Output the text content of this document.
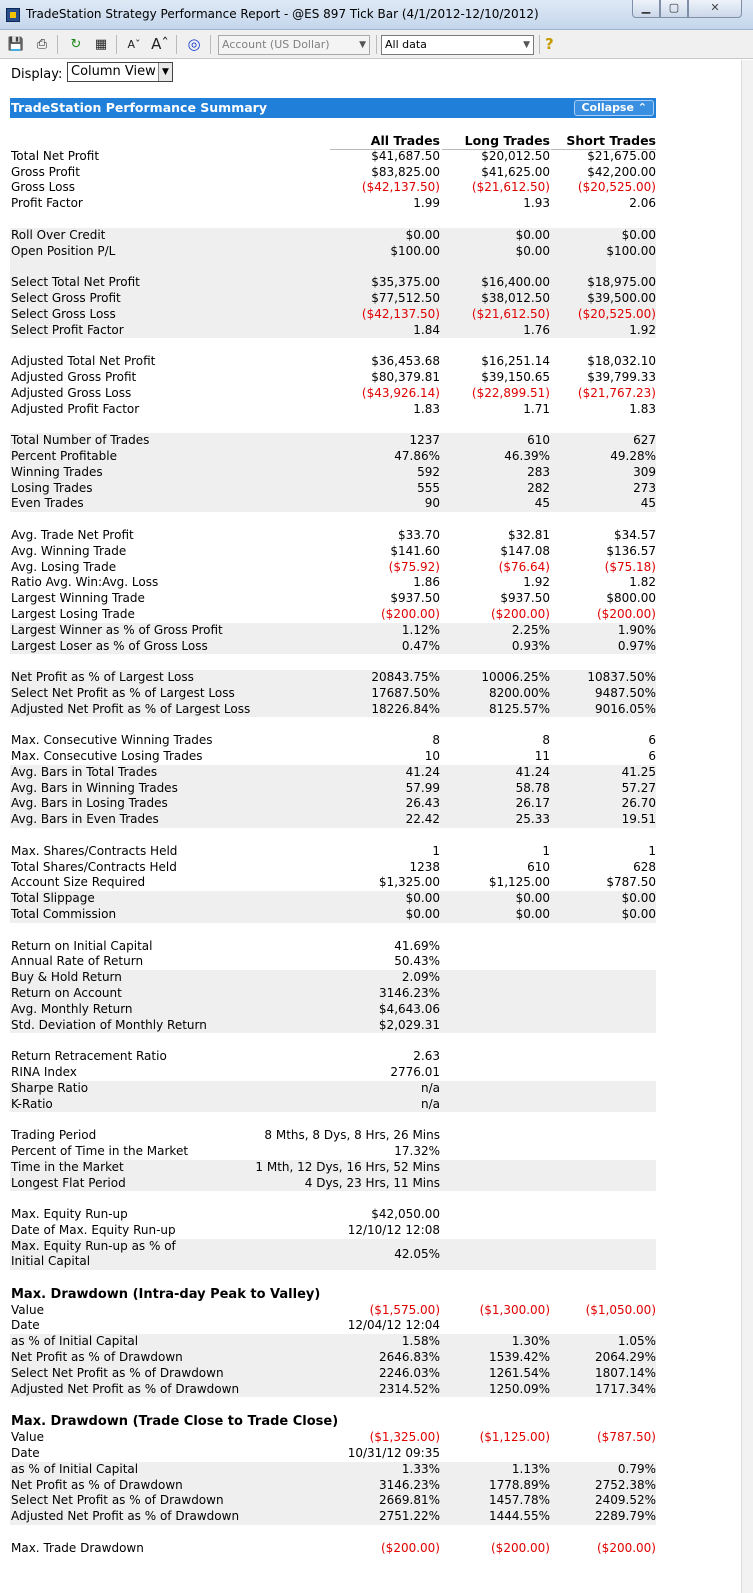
TradeStation Strategy Performance Report - @ES 897 Tick Bar (4/1/2012-12/10/2012)	▁	▢	✕
💾 ⎙	↻	▦	Aˇ Aˆ ◎	Account (US Dollar)	▼	All data	▼ ?
Display: Column View ▼
TradeStation Performance Summary	Collapse ⌃
All Trades	Long Trades	Short Trades
Total Net Profit	$41,687.50	$20,012.50	$21,675.00
Gross Profit	$83,825.00	$41,625.00	$42,200.00
Gross Loss	($42,137.50)	($21,612.50)	($20,525.00)
Profit Factor	1.99	1.93	2.06
Roll Over Credit	$0.00	$0.00	$0.00
Open Position P/L	$100.00	$0.00	$100.00
Select Total Net Profit	$35,375.00	$16,400.00	$18,975.00
Select Gross Profit	$77,512.50	$38,012.50	$39,500.00
Select Gross Loss	($42,137.50)	($21,612.50)	($20,525.00)
Select Profit Factor	1.84	1.76	1.92
Adjusted Total Net Profit	$36,453.68	$16,251.14	$18,032.10
Adjusted Gross Profit	$80,379.81	$39,150.65	$39,799.33
Adjusted Gross Loss	($43,926.14)	($22,899.51)	($21,767.23)
Adjusted Profit Factor	1.83	1.71	1.83
Total Number of Trades	1237	610	627
Percent Profitable	47.86%	46.39%	49.28%
Winning Trades	592	283	309
Losing Trades	555	282	273
Even Trades	90	45	45
Avg. Trade Net Profit	$33.70	$32.81	$34.57
Avg. Winning Trade	$141.60	$147.08	$136.57
Avg. Losing Trade	($75.92)	($76.64)	($75.18)
Ratio Avg. Win:Avg. Loss	1.86	1.92	1.82
Largest Winning Trade	$937.50	$937.50	$800.00
Largest Losing Trade	($200.00)	($200.00)	($200.00)
Largest Winner as % of Gross Profit	1.12%	2.25%	1.90%
Largest Loser as % of Gross Loss	0.47%	0.93%	0.97%
Net Profit as % of Largest Loss	20843.75%	10006.25%	10837.50%
Select Net Profit as % of Largest Loss	17687.50%	8200.00%	9487.50%
Adjusted Net Profit as % of Largest Loss	18226.84%	8125.57%	9016.05%
Max. Consecutive Winning Trades	8	8	6
Max. Consecutive Losing Trades	10	11	6
Avg. Bars in Total Trades	41.24	41.24	41.25
Avg. Bars in Winning Trades	57.99	58.78	57.27
Avg. Bars in Losing Trades	26.43	26.17	26.70
Avg. Bars in Even Trades	22.42	25.33	19.51
Max. Shares/Contracts Held	1	1	1
Total Shares/Contracts Held	1238	610	628
Account Size Required	$1,325.00	$1,125.00	$787.50
Total Slippage	$0.00	$0.00	$0.00
Total Commission	$0.00	$0.00	$0.00
Return on Initial Capital	41.69%
Annual Rate of Return	50.43%
Buy & Hold Return	2.09%
Return on Account	3146.23%
Avg. Monthly Return	$4,643.06
Std. Deviation of Monthly Return	$2,029.31
Return Retracement Ratio	2.63
RINA Index	2776.01
Sharpe Ratio	n/a
K-Ratio	n/a
Trading Period	8 Mths, 8 Dys, 8 Hrs, 26 Mins
Percent of Time in the Market	17.32%
Time in the Market	1 Mth, 12 Dys, 16 Hrs, 52 Mins
Longest Flat Period	4 Dys, 23 Hrs, 11 Mins
Max. Equity Run-up	$42,050.00
Date of Max. Equity Run-up	12/10/12 12:08
Max. Equity Run-up as % of Initial Capital	42.05%
Max. Drawdown (Intra-day Peak to Valley)
Value	($1,575.00)	($1,300.00)	($1,050.00)
Date	12/04/12 12:04
as % of Initial Capital	1.58%	1.30%	1.05%
Net Profit as % of Drawdown	2646.83%	1539.42%	2064.29%
Select Net Profit as % of Drawdown	2246.03%	1261.54%	1807.14%
Adjusted Net Profit as % of Drawdown	2314.52%	1250.09%	1717.34%
Max. Drawdown (Trade Close to Trade Close)
Value	($1,325.00)	($1,125.00)	($787.50)
Date	10/31/12 09:35
as % of Initial Capital	1.33%	1.13%	0.79%
Net Profit as % of Drawdown	3146.23%	1778.89%	2752.38%
Select Net Profit as % of Drawdown	2669.81%	1457.78%	2409.52%
Adjusted Net Profit as % of Drawdown	2751.22%	1444.55%	2289.79%
Max. Trade Drawdown	($200.00)	($200.00)	($200.00)
